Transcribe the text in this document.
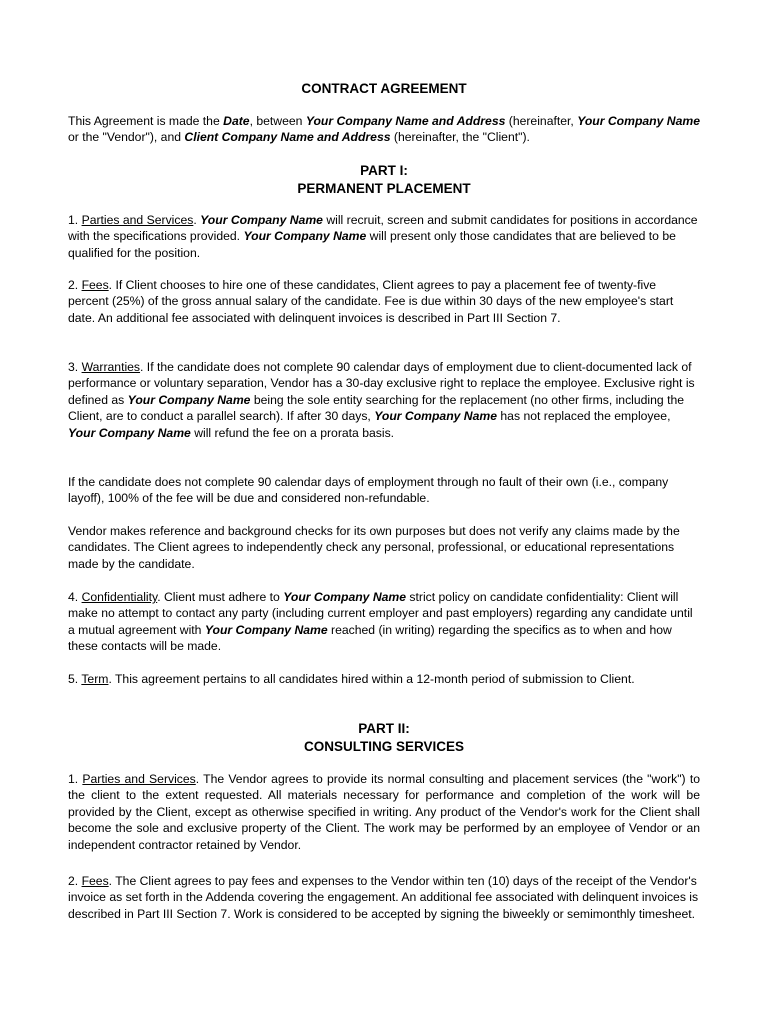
CONTRACT AGREEMENT

This Agreement is made the Date, between Your Company Name and Address (hereinafter, Your Company Name or the "Vendor"), and Client Company Name and Address (hereinafter, the "Client").

PART I:
PERMANENT PLACEMENT

1. Parties and Services. Your Company Name will recruit, screen and submit candidates for positions in accordance with the specifications provided. Your Company Name will present only those candidates that are believed to be qualified for the position.

2. Fees. If Client chooses to hire one of these candidates, Client agrees to pay a placement fee of twenty-five percent (25%) of the gross annual salary of the candidate. Fee is due within 30 days of the new employee's start date. An additional fee associated with delinquent invoices is described in Part III Section 7.

3. Warranties. If the candidate does not complete 90 calendar days of employment due to client-documented lack of performance or voluntary separation, Vendor has a 30-day exclusive right to replace the employee. Exclusive right is defined as Your Company Name being the sole entity searching for the replacement (no other firms, including the Client, are to conduct a parallel search). If after 30 days, Your Company Name has not replaced the employee, Your Company Name will refund the fee on a prorata basis.

If the candidate does not complete 90 calendar days of employment through no fault of their own (i.e., company layoff), 100% of the fee will be due and considered non-refundable.

Vendor makes reference and background checks for its own purposes but does not verify any claims made by the candidates. The Client agrees to independently check any personal, professional, or educational representations made by the candidate.

4. Confidentiality. Client must adhere to Your Company Name strict policy on candidate confidentiality: Client will make no attempt to contact any party (including current employer and past employers) regarding any candidate until a mutual agreement with Your Company Name reached (in writing) regarding the specifics as to when and how these contacts will be made.

5. Term. This agreement pertains to all candidates hired within a 12-month period of submission to Client.

PART II:
CONSULTING SERVICES

1. Parties and Services. The Vendor agrees to provide its normal consulting and placement services (the "work") to the client to the extent requested. All materials necessary for performance and completion of the work will be provided by the Client, except as otherwise specified in writing. Any product of the Vendor's work for the Client shall become the sole and exclusive property of the Client. The work may be performed by an employee of Vendor or an independent contractor retained by Vendor.

2. Fees. The Client agrees to pay fees and expenses to the Vendor within ten (10) days of the receipt of the Vendor's invoice as set forth in the Addenda covering the engagement. An additional fee associated with delinquent invoices is described in Part III Section 7. Work is considered to be accepted by signing the biweekly or semimonthly timesheet.
